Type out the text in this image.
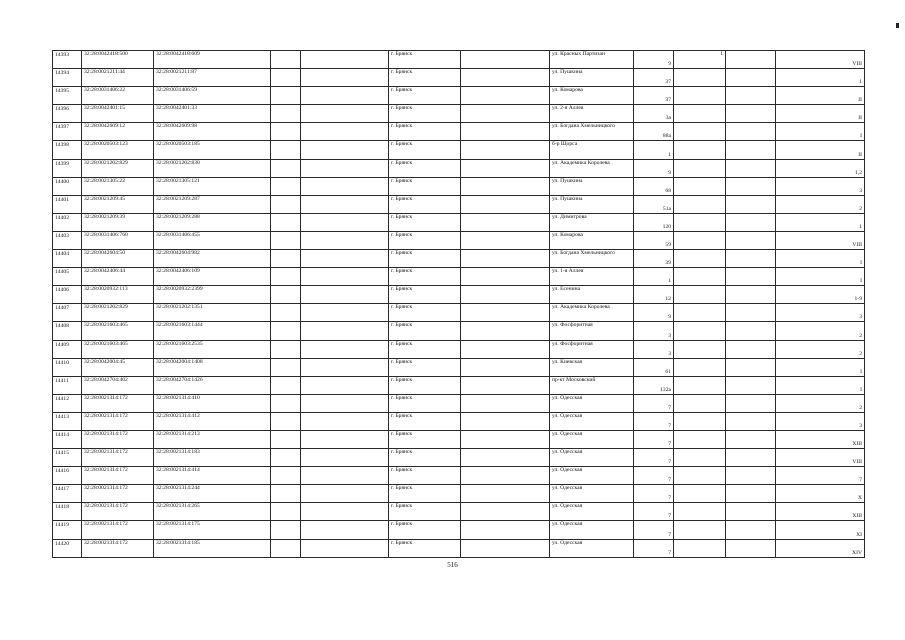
14393	32:28:0042418:500	32:28:0042418:609			г. Брянск		ул. Красных Партизан	9	1		VIII
14394	32:28:0021211:44	32:28:0021211:87			г. Брянск		ул. Пушкина	37			1
14395	32:28:0031406:22	32:28:0031406:59			г. Брянск		ул. Комарова	37			II
14396	32:28:0042401:15	32:28:0042401:33			г. Брянск		ул. 2-я Аллея	3а			II
14397	32:28:0042609:12	32:28:0042609:98			г. Брянск		ул. Богдана Хмельницкого	88а			I
14398	32:28:0020503:123	32:28:0020503:185			г. Брянск		б-р Щорса	1			II
14399	32:28:0021202:829	32:28:0021202:830			г. Брянск		ул. Академика Королева	9			1,2
14400	32:28:0021305:22	32:28:0021305:121			г. Брянск		ул. Пушкина	68			3
14401	32:28:0021209:45	32:28:0021209:287			г. Брянск		ул. Пушкина	51а			2
14402	32:28:0021209:39	32:28:0021209:288			г. Брянск		ул. Димитрова	120			1
14403	32:28:0031406:760	32:28:0031406:455			г. Брянск		ул. Комарова	59			VIII
14404	32:28:0042604:50	32:28:0042604:982			г. Брянск		ул. Богдана Хмельницкого	39			I
14405	32:28:0042406:44	32:28:0042406:109			г. Брянск		ул. 1-я Аллея	1			I
14406	32:28:0020932:113	32:28:0020932:2399			г. Брянск		ул. Есенина	12			1-9
14407	32:28:0021202:829	32:28:0021202:1351			г. Брянск		ул. Академика Королева	9			3
14408	32:28:0021603:465	32:28:0021603:1444			г. Брянск		ул. Фосфоритная	3			2
14409	32:28:0021603:465	32:28:0021603:2535			г. Брянск		ул. Фосфоритная	3			2
14410	32:28:0042004:45	32:28:0042004:1408			г. Брянск		ул. Киевская	61			I
14411	32:28:0042704:402	32:28:0042704:1426			г. Брянск		пр-кт Московский	132а			I
14412	32:28:0021314:172	32:28:0021314:410			г. Брянск		ул. Одесская	7			2
14413	32:28:0021314:172	32:28:0021314:412			г. Брянск		ул. Одесская	7			3
14414	32:28:0021314:172	32:28:0021314:213			г. Брянск		ул. Одесская	7			XIII
14415	32:28:0021314:172	32:28:0021314:183			г. Брянск		ул. Одесская	7			VIII
14416	32:28:0021314:172	32:28:0021314:414			г. Брянск		ул. Одесская	7			7
14417	32:28:0021314:172	32:28:0021314:244			г. Брянск		ул. Одесская	7			X
14418	32:28:0021314:172	32:28:0021314:265			г. Брянск		ул. Одесская	7			XIII
14419	32:28:0021314:172	32:28:0021314:175			г. Брянск		ул. Одесская	7			XI
14420	32:28:0021314:172	32:28:0021314:185			г. Брянск		ул. Одесская	7			XIV
516
